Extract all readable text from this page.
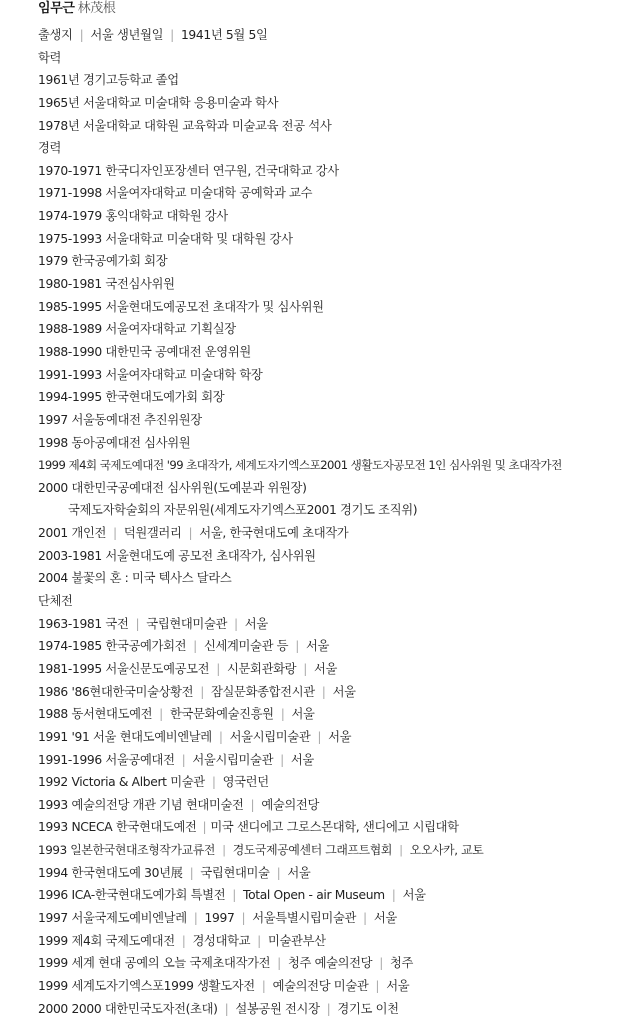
임무근 林茂根
출생지 | 서울 생년월일 | 1941년 5월 5일
학력
1961년 경기고등학교 졸업
1965년 서울대학교 미술대학 응용미술과 학사
1978년 서울대학교 대학원 교육학과 미술교육 전공 석사
경력
1970-1971 한국디자인포장센터 연구원, 건국대학교 강사
1971-1998 서울여자대학교 미술대학 공예학과 교수
1974-1979 홍익대학교 대학원 강사
1975-1993 서울대학교 미술대학 및 대학원 강사
1979 한국공예가회 회장
1980-1981 국전심사위원
1985-1995 서울현대도예공모전 초대작가 및 심사위원
1988-1989 서울여자대학교 기획실장
1988-1990 대한민국 공예대전 운영위원
1991-1993 서울여자대학교 미술대학 학장
1994-1995 한국현대도예가회 회장
1997 서울동예대전 추진위원장
1998 동아공예대전 심사위원
1999 제4회 국제도예대전 '99 초대작가, 세계도자기엑스포2001 생활도자공모전 1인 심사위원 및 초대작가전
2000 대한민국공예대전 심사위원(도예분과 위원장)
국제도자학술회의 자문위원(세계도자기엑스포2001 경기도 조직위)
2001 개인전 | 덕원갤러리 | 서울, 한국현대도예 초대작가
2003-1981 서울현대도예 공모전 초대작가, 심사위원
2004 불꽃의 혼 : 미국 텍사스 달라스
단체전
1963-1981 국전 | 국립현대미술관 | 서울
1974-1985 한국공예가회전 | 신세계미술관 등 | 서울
1981-1995 서울신문도예공모전 | 시문회관화랑 | 서울
1986 '86현대한국미술상황전 | 잠실문화종합전시관 | 서울
1988 동서현대도예전 | 한국문화예술진흥원 | 서울
1991 '91 서울 현대도예비엔날레 | 서울시립미술관 | 서울
1991-1996 서울공예대전 | 서울시립미술관 | 서울
1992 Victoria & Albert 미술관 | 영국런던
1993 예술의전당 개관 기념 현대미술전 | 예술의전당
1993 NCECA 한국현대도예전 | 미국 샌디에고 그로스몬대학, 샌디에고 시립대학
1993 일본한국현대조형작가교류전 | 경도국제공예센터 그래프트협회 | 오오사카, 교토
1994 한국현대도예 30년展 | 국립현대미술 | 서울
1996 ICA-한국현대도예가회 특별전 | Total Open - air Museum | 서울
1997 서울국제도예비엔날레 | 1997 | 서울특별시립미술관 | 서울
1999 제4회 국제도예대전 | 경성대학교 | 미술관부산
1999 세계 현대 공예의 오늘 국제초대작가전 | 청주 예술의전당 | 청주
1999 세계도자기엑스포1999 생활도자전 | 예술의전당 미술관 | 서울
2000 2000 대한민국도자전(초대) | 설봉공원 전시장 | 경기도 이천
